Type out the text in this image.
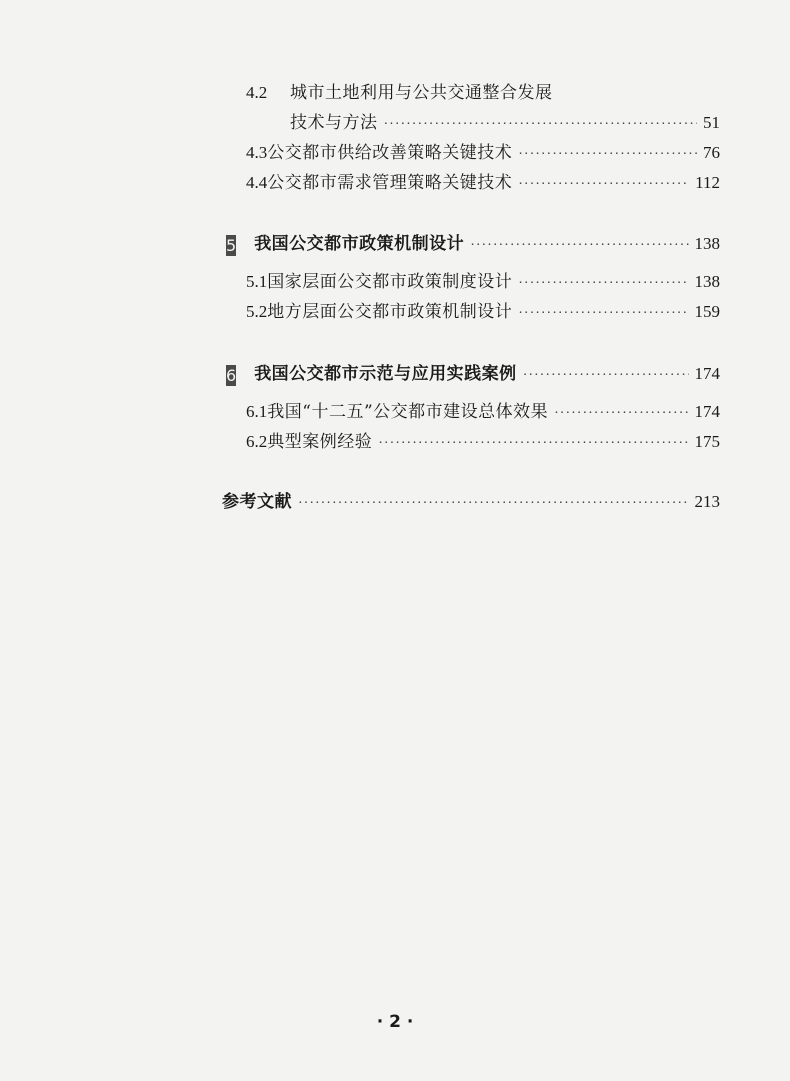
4.2	城市土地利用与公共交通整合发展
技术与方法 ·····	51
4.3 公交都市供给改善策略关键技术 ·····	76
4.4 公交都市需求管理策略关键技术 ·····	112
5 我国公交都市政策机制设计 ·····	138
5.1 国家层面公交都市政策制度设计 ·····	138
5.2 地方层面公交都市政策机制设计 ·····	159
6 我国公交都市示范与应用实践案例 ·····	174
6.1 我国“十二五”公交都市建设总体效果 ·····	174
6.2 典型案例经验 ·····	175
参考文献 ·····	213
· 2 ·
